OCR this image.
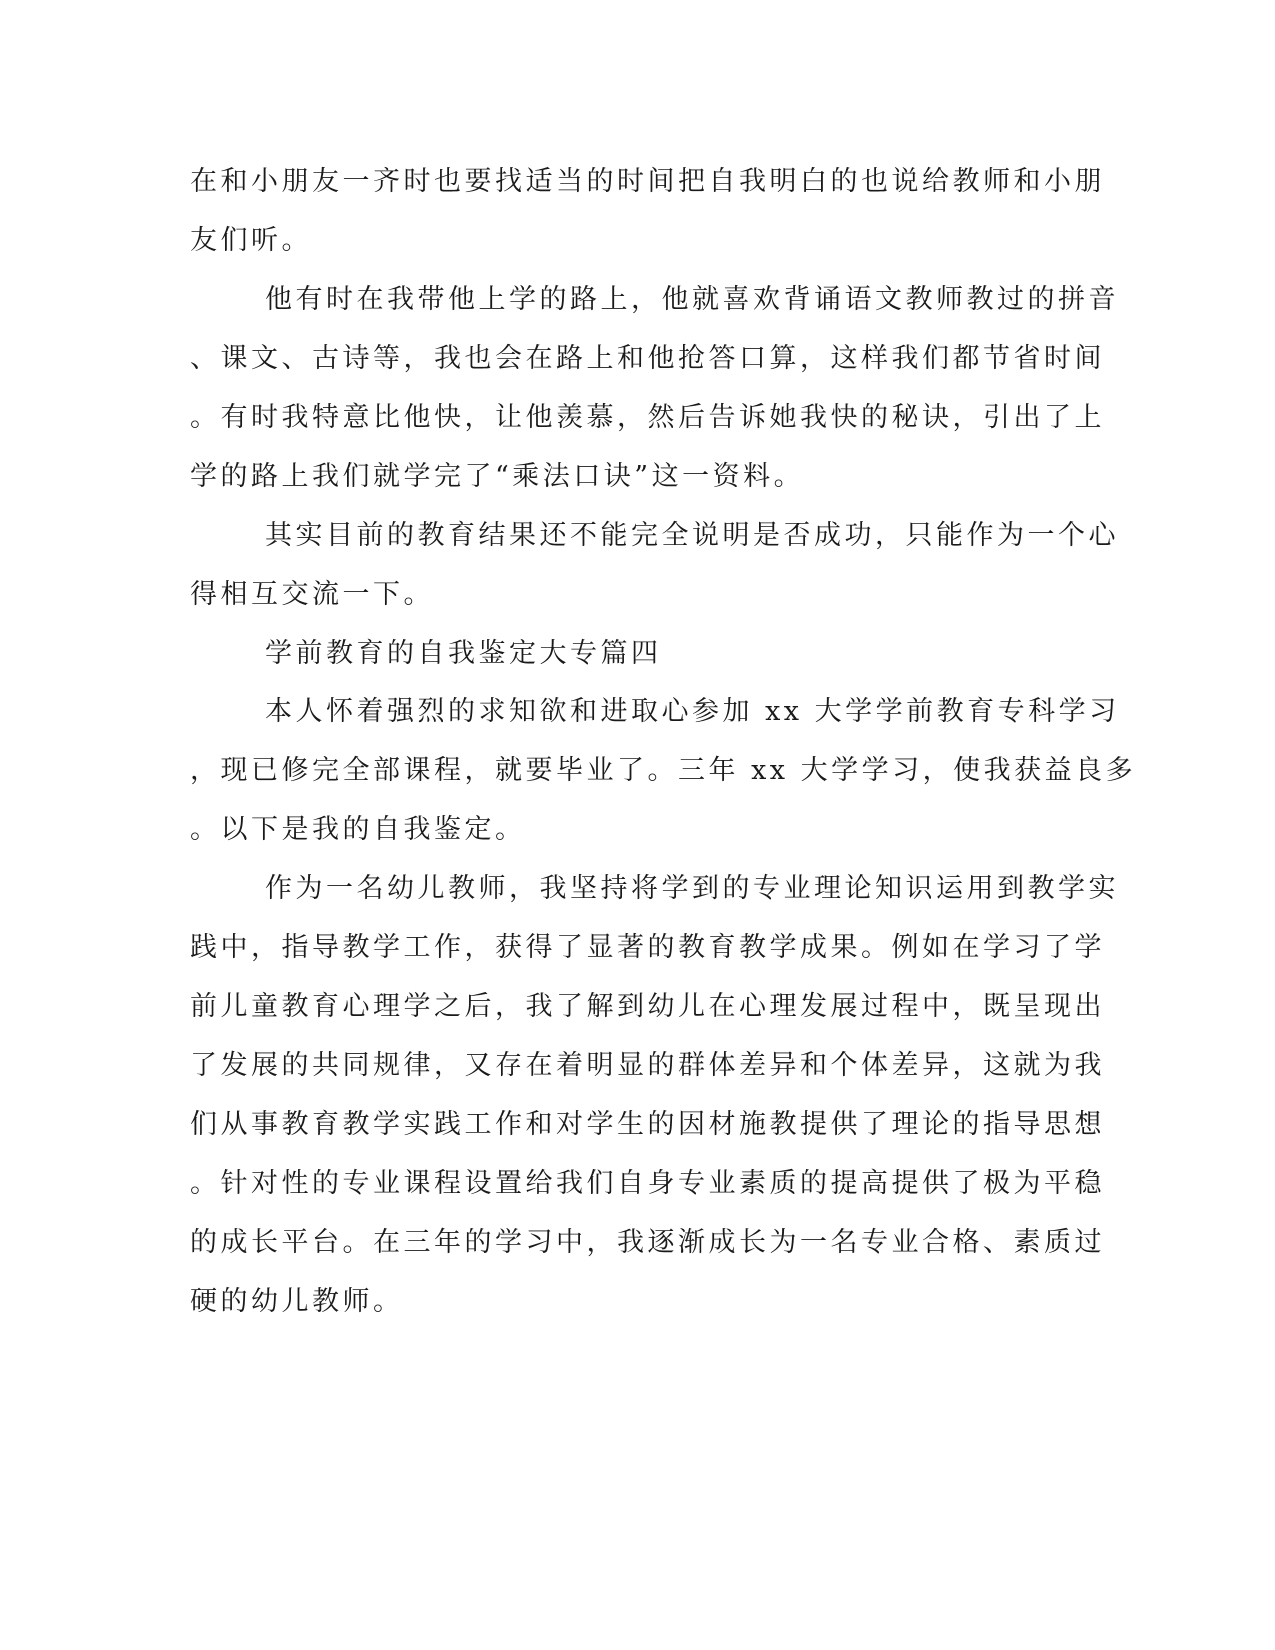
在和小朋友一齐时也要找适当的时间把自我明白的也说给教师和小朋
友们听。
他有时在我带他上学的路上，他就喜欢背诵语文教师教过的拼音
、课文、古诗等，我也会在路上和他抢答口算，这样我们都节省时间
。有时我特意比他快，让他羡慕，然后告诉她我快的秘诀，引出了上
学的路上我们就学完了“乘法口诀”这一资料。
其实目前的教育结果还不能完全说明是否成功，只能作为一个心
得相互交流一下。
学前教育的自我鉴定大专篇四
本人怀着强烈的求知欲和进取心参加 xx 大学学前教育专科学习
，现已修完全部课程，就要毕业了。三年 xx 大学学习，使我获益良多
。以下是我的自我鉴定。
作为一名幼儿教师，我坚持将学到的专业理论知识运用到教学实
践中，指导教学工作，获得了显著的教育教学成果。例如在学习了学
前儿童教育心理学之后，我了解到幼儿在心理发展过程中，既呈现出
了发展的共同规律，又存在着明显的群体差异和个体差异，这就为我
们从事教育教学实践工作和对学生的因材施教提供了理论的指导思想
。针对性的专业课程设置给我们自身专业素质的提高提供了极为平稳
的成长平台。在三年的学习中，我逐渐成长为一名专业合格、素质过
硬的幼儿教师。
